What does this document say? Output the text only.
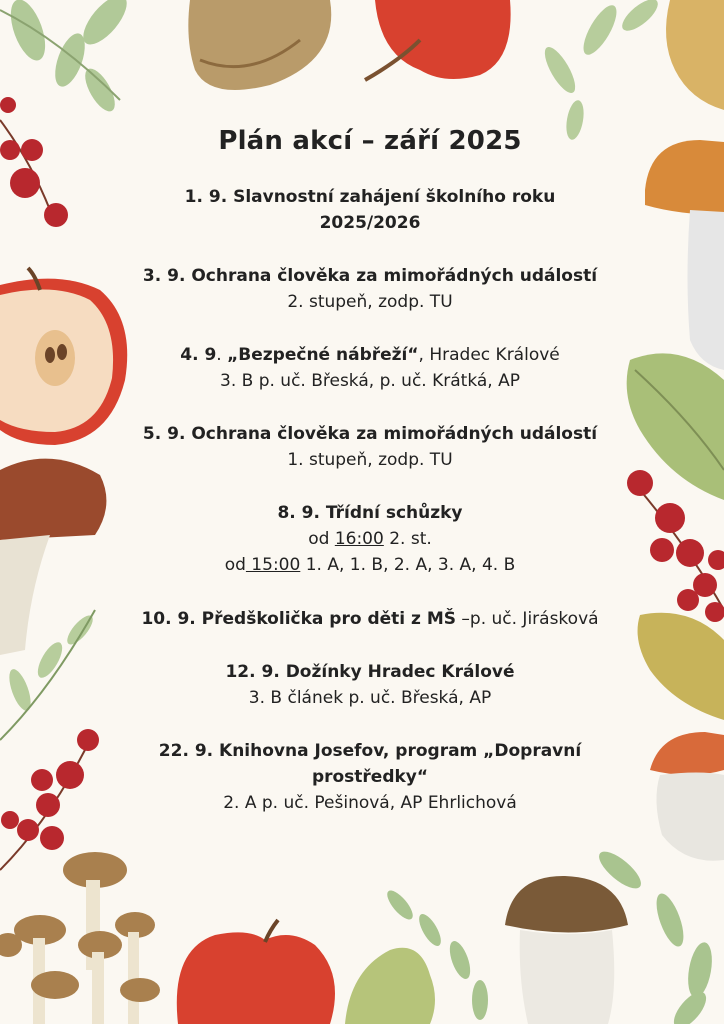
Plán akcí – září 2025
1. 9. Slavnostní zahájení školního roku
2025/2026
3. 9. Ochrana člověka za mimořádných událostí
2. stupeň, zodp. TU
4. 9. „Bezpečné nábřeží“, Hradec Králové
3. B p. uč. Břeská, p. uč. Krátká, AP
5. 9. Ochrana člověka za mimořádných událostí
1. stupeň, zodp. TU
8. 9. Třídní schůzky
od 16:00 2. st.
od 15:00 1. A, 1. B, 2. A, 3. A, 4. B
10. 9. Předškolička pro děti z MŠ –p. uč. Jirásková
12. 9. Dožínky Hradec Králové
3. B článek p. uč. Břeská, AP
22. 9. Knihovna Josefov, program „Dopravní
prostředky“
2. A p. uč. Pešinová, AP Ehrlichová
